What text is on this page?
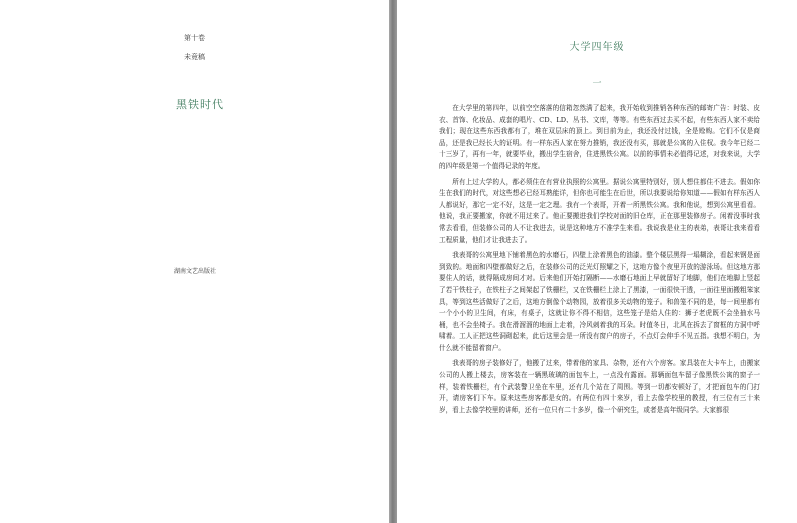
第十卷
未竟稿
黑铁时代
湖南文艺出版社
大学四年级
一

在大学里的第四年，以前空空落落的信箱忽然满了起来，我开始收到推销各种东西的邮寄广告：时装、皮衣、首饰、化妆品、成套的唱片、CD、LD、丛书、文库，等等。有些东西过去买不起，有些东西人家不卖给我们；现在这些东西我都有了，堆在双层床的顶上。到目前为止，我还没付过钱，全是赊购。它们不仅是商品，还是我已经长大的证明。有一样东西人家在努力推销，我还没有买，那就是公寓的入住权。我今年已经二十三岁了，再有一年，就要毕业，搬出学生宿舍，住进黑铁公寓。以前的事情未必值得记述，对我来说，大学的四年级是第一个值得记录的年度。

所有上过大学的人，都必须住在有营业执照的公寓里。据说公寓里特别好，别人想住都住不进去。假如你生在我们的时代，对这些想必已经耳熟能详，但你也可能生在后世，所以我要说给你知道——假如有样东西人人都说好，那它一定不好，这是一定之理。我有一个表哥，开着一所黑铁公寓。我和他说，想到公寓里看看。他说，我正要搬家，你就不用过来了。他正要搬进我们学校对面的旧仓库，正在那里装修房子。闲着没事时我常去看看，但装修公司的人不让我进去，说是这种地方不准学生来看。我说我是业主的表弟，表哥让我来看看工程质量，他们才让我进去了。

我表哥的公寓里地下铺着黑色的水磨石，四壁上涂着黑色的油漆。整个楼层黑得一塌糊涂，看起来钢是面到致的。地面和四壁都做好之后，在装修公司的泛光灯照耀之下，这地方像个夜里开放的游泳场。但这地方那要住人的话，就得隔成房间才对。后来他们开始打隔断——水磨石地面上早就留好了地脚，他们在地脚上竖起了若干铁柱子，在铁柱子之间架起了铁栅栏，又在铁栅栏上涂上了黑漆，一面很快干透，一面往里面搬粗笨家具，等到这些活做好了之后，这地方倒像个动物园，放着很多关动物的笼子。和兽笼不同的是，每一间里都有一个小小的卫生间，有床，有桌子，这就让你不得不相信，这些笼子是给人住的：狮子老虎既不会坐抽水马桶，也不会坐椅子。我在滑溜溜的地面上走着，冷风刺着我的耳朵。时值冬日，北风在拆去了窗框的方洞中呼啸着。工人正把这些洞砌起来，此后这里会是一所没有窗户的房子，不点灯会伸手不见五指。我想不明白，为什么就不能留着窗户。

我表哥的房子装修好了，他搬了过来，带着他的家具、杂物，还有六个房客。家具装在大卡车上，由搬家公司的人搬上楼去，房客装在一辆黑玻璃的面包车上，一点没有露面。那辆面包车留子像黑铁公寓的窗子一样，装着铁栅栏，有个武装警卫坐在车里，还有几个站在了周围。等到一切都安顿好了，才把面包车的门打开，请房客们下车。原来这些房客都是女的。有两位有四十来岁，看上去像学校里的教授，有三位有三十来岁，看上去像学校里的讲师，还有一位只有二十多岁，像一个研究生，或者是高年级同学。大家都很
